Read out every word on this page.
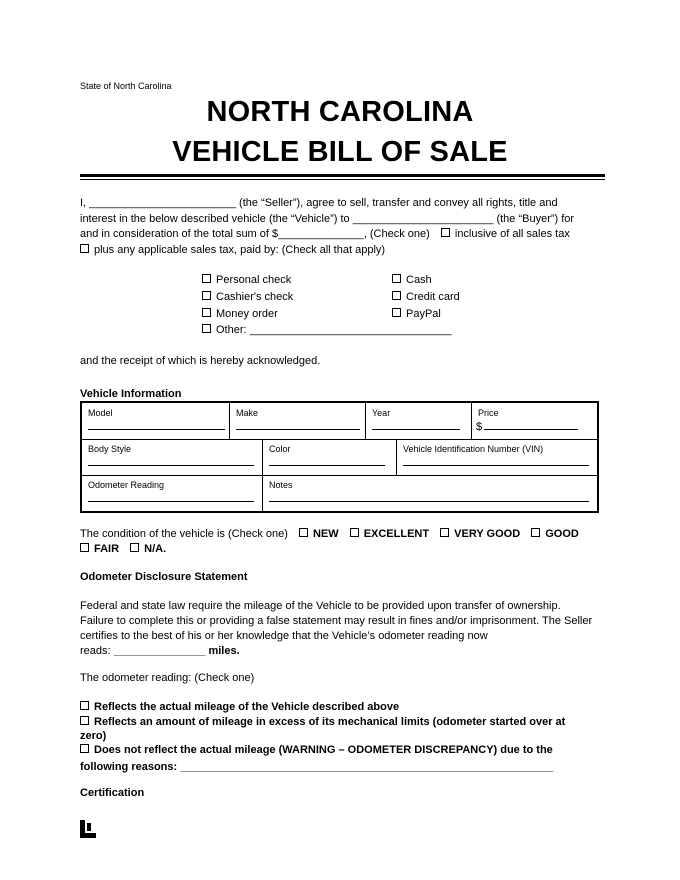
State of North Carolina
NORTH CAROLINA
VEHICLE BILL OF SALE
I, ________________________ (the “Seller”), agree to sell, transfer and convey all rights, title and
interest in the below described vehicle (the “Vehicle”) to _______________________ (the “Buyer”) for
and in consideration of the total sum of $______________, (Check one) inclusive of all sales tax
plus any applicable sales tax, paid by: (Check all that apply)
Personal check
Cashier's check
Money order
Other: _________________________________
Cash
Credit card
PayPal
and the receipt of which is hereby acknowledged.
Vehicle Information
Model	Make	Year	Price
$
Body Style	Color	Vehicle Identification Number (VIN)
Odometer Reading	Notes
The condition of the vehicle is (Check one) NEW EXCELLENT VERY GOOD GOOD
FAIR N/A.
Odometer Disclosure Statement
Federal and state law require the mileage of the Vehicle to be provided upon transfer of ownership.
Failure to complete this or providing a false statement may result in fines and/or imprisonment. The Seller
certifies to the best of his or her knowledge that the Vehicle’s odometer reading now
reads: _______________ miles.
The odometer reading: (Check one)
Reflects the actual mileage of the Vehicle described above
Reflects an amount of mileage in excess of its mechanical limits (odometer started over at
zero)
Does not reflect the actual mileage (WARNING – ODOMETER DISCREPANCY) due to the
following reasons: _____________________________________________________________
Certification
